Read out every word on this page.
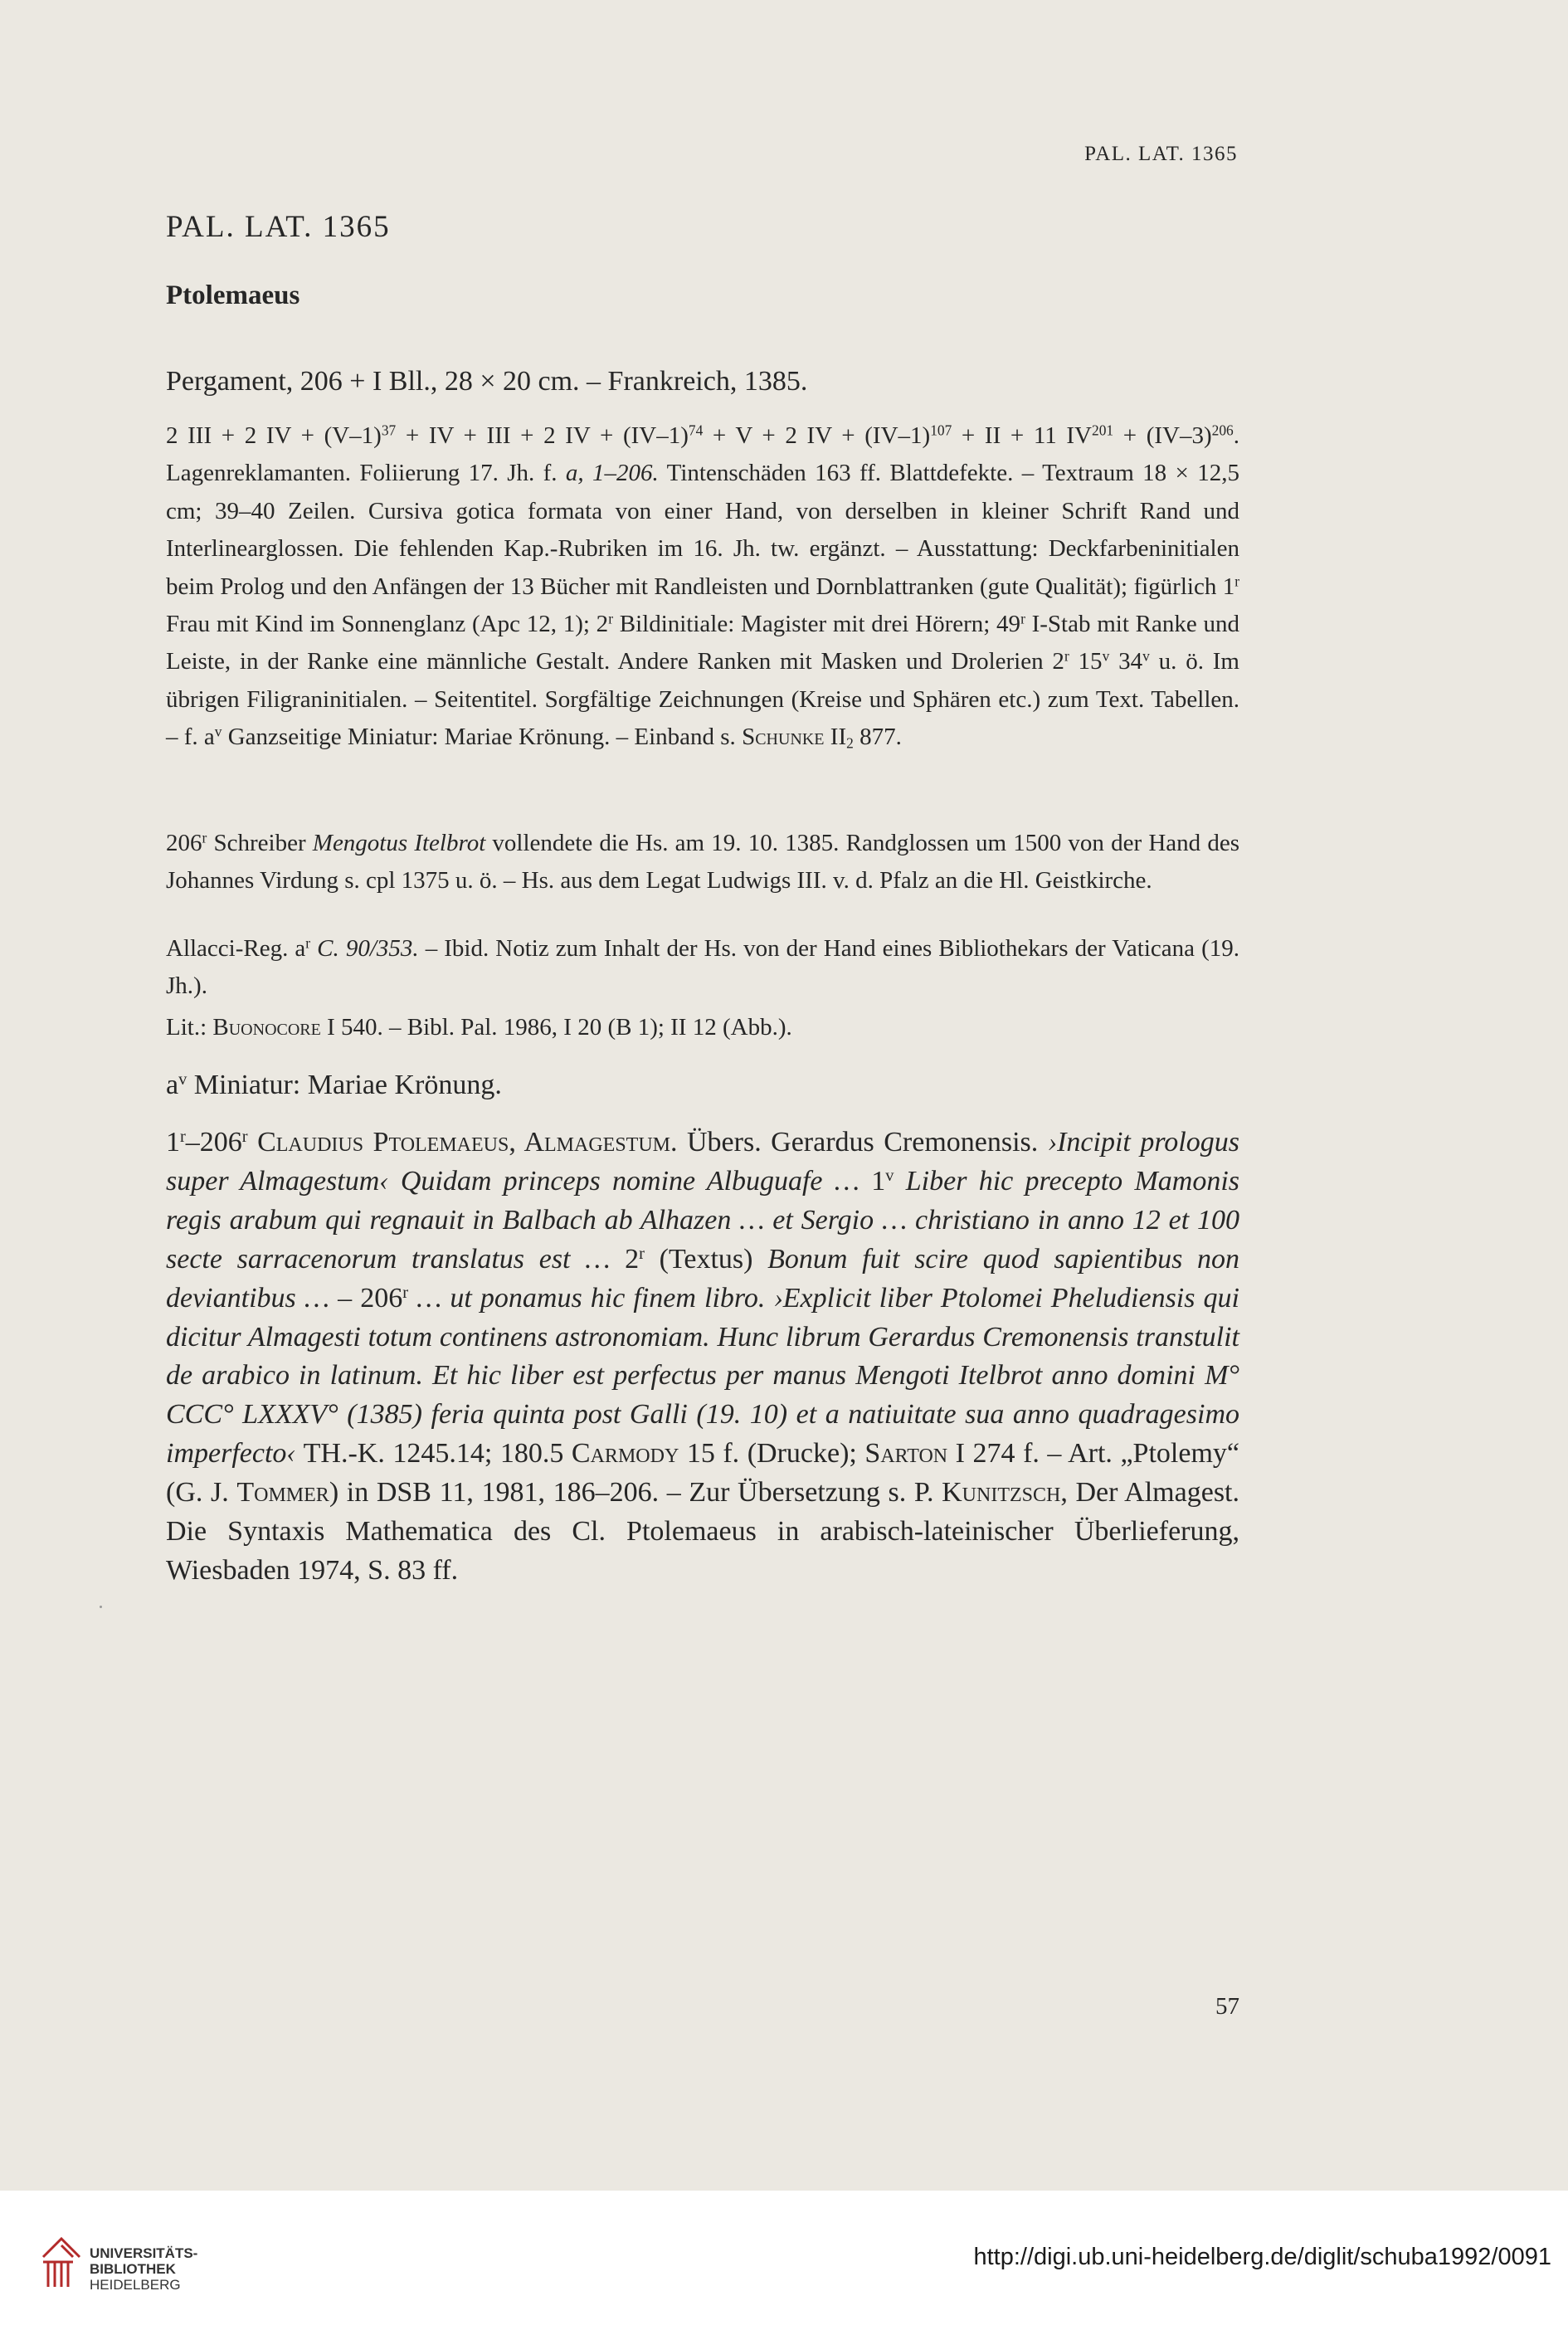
PAL. LAT. 1365
PAL. LAT. 1365
Ptolemaeus
Pergament, 206 + I Bll., 28 × 20 cm. – Frankreich, 1385.
2 III + 2 IV + $(V-1)^{37}$ + IV + III + 2 IV + $(IV-1)^{74} + V + 2$ IV + $(IV-1)^{107}$ + II + 11 $IV^{201} + (IV-3)^{206}$. Lagenreklamanten. Foliierung 17. Jh. f. a, 1–206. Tintenschäden 163 ff. Blattdefekte. – Textraum 18 × 12,5 cm; 39–40 Zeilen. Cursiva gotica formata von einer Hand, von derselben in kleiner Schrift Rand und Interlinearglossen. Die fehlenden Kap.-Rubriken im 16. Jh. tw. ergänzt. – Ausstattung: Deckfarbeninitialen beim Prolog und den Anfängen der 13 Bücher mit Randleisten und Dornblattranken (gute Qualität); figürlich 1$^r$ Frau mit Kind im Sonnenglanz (Apc 12, 1); 2$^r$ Bildinitiale: Magister mit drei Hörern; 49$^r$ I-Stab mit Ranke und Leiste, in der Ranke eine männliche Gestalt. Andere Ranken mit Masken und Drolerien 2$^r$ 15$^v$ 34$^v$ u. ö. Im übrigen Filigraninitialen. – Seitentitel. Sorgfältige Zeichnungen (Kreise und Sphären etc.) zum Text. Tabellen. – f. $a^v$ Ganzseitige Miniatur: Mariae Krönung. – Einband s. Schunke $II_2$ 877.
206$^r$ Schreiber Mengotus Itelbrot vollendete die Hs. am 19. 10. 1385. Randglossen um 1500 von der Hand des Johannes Virdung s. cpl 1375 u. ö. – Hs. aus dem Legat Ludwigs III. v. d. Pfalz an die Hl. Geistkirche.
Allacci-Reg. $a^r$ C. 90/353. – Ibid. Notiz zum Inhalt der Hs. von der Hand eines Bibliothekars der Vaticana (19. Jh.).
Lit.: Buonocore I 540. – Bibl. Pal. 1986, I 20 (B 1); II 12 (Abb.).
$a^v$ Miniatur: Mariae Krönung.
1$^r$–206$^r$ Claudius Ptolemaeus, Almagestum. Übers. Gerardus Cremonensis. ›Incipit prologus super Almagestum‹ Quidam princeps nomine Albuguafe … 1$^v$ Liber hic precepto Mamonis regis arabum qui regnauit in Balbach ab Alhazen … et Sergio … christiano in anno 12 et 100 secte sarracenorum translatus est … 2$^r$ (Textus) Bonum fuit scire quod sapientibus non deviantibus … – 206$^r$ … ut ponamus hic finem libro. ›Explicit liber Ptolomei Pheludiensis qui dicitur Almagesti totum continens astronomiam. Hunc librum Gerardus Cremonensis transtulit de arabico in latinum. Et hic liber est perfectus per manus Mengoti Itelbrot anno domini M° CCC° LXXXV° (1385) feria quinta post Galli (19. 10) et a natiuitate sua anno quadragesimo imperfecto‹ TH.-K. 1245.14; 180.5 Carmody 15 f. (Drucke); Sarton I 274 f. – Art. „Ptolemy“ (G. J. Tommer) in DSB 11, 1981, 186–206. – Zur Übersetzung s. P. Kunitzsch, Der Almagest. Die Syntaxis Mathematica des Cl. Ptolemaeus in arabisch-lateinischer Überlieferung, Wiesbaden 1974, S. 83 ff.
57
UNIVERSITÄTS-
BIBLIOTHEK
HEIDELBERG
http://digi.ub.uni-heidelberg.de/diglit/schuba1992/0091
